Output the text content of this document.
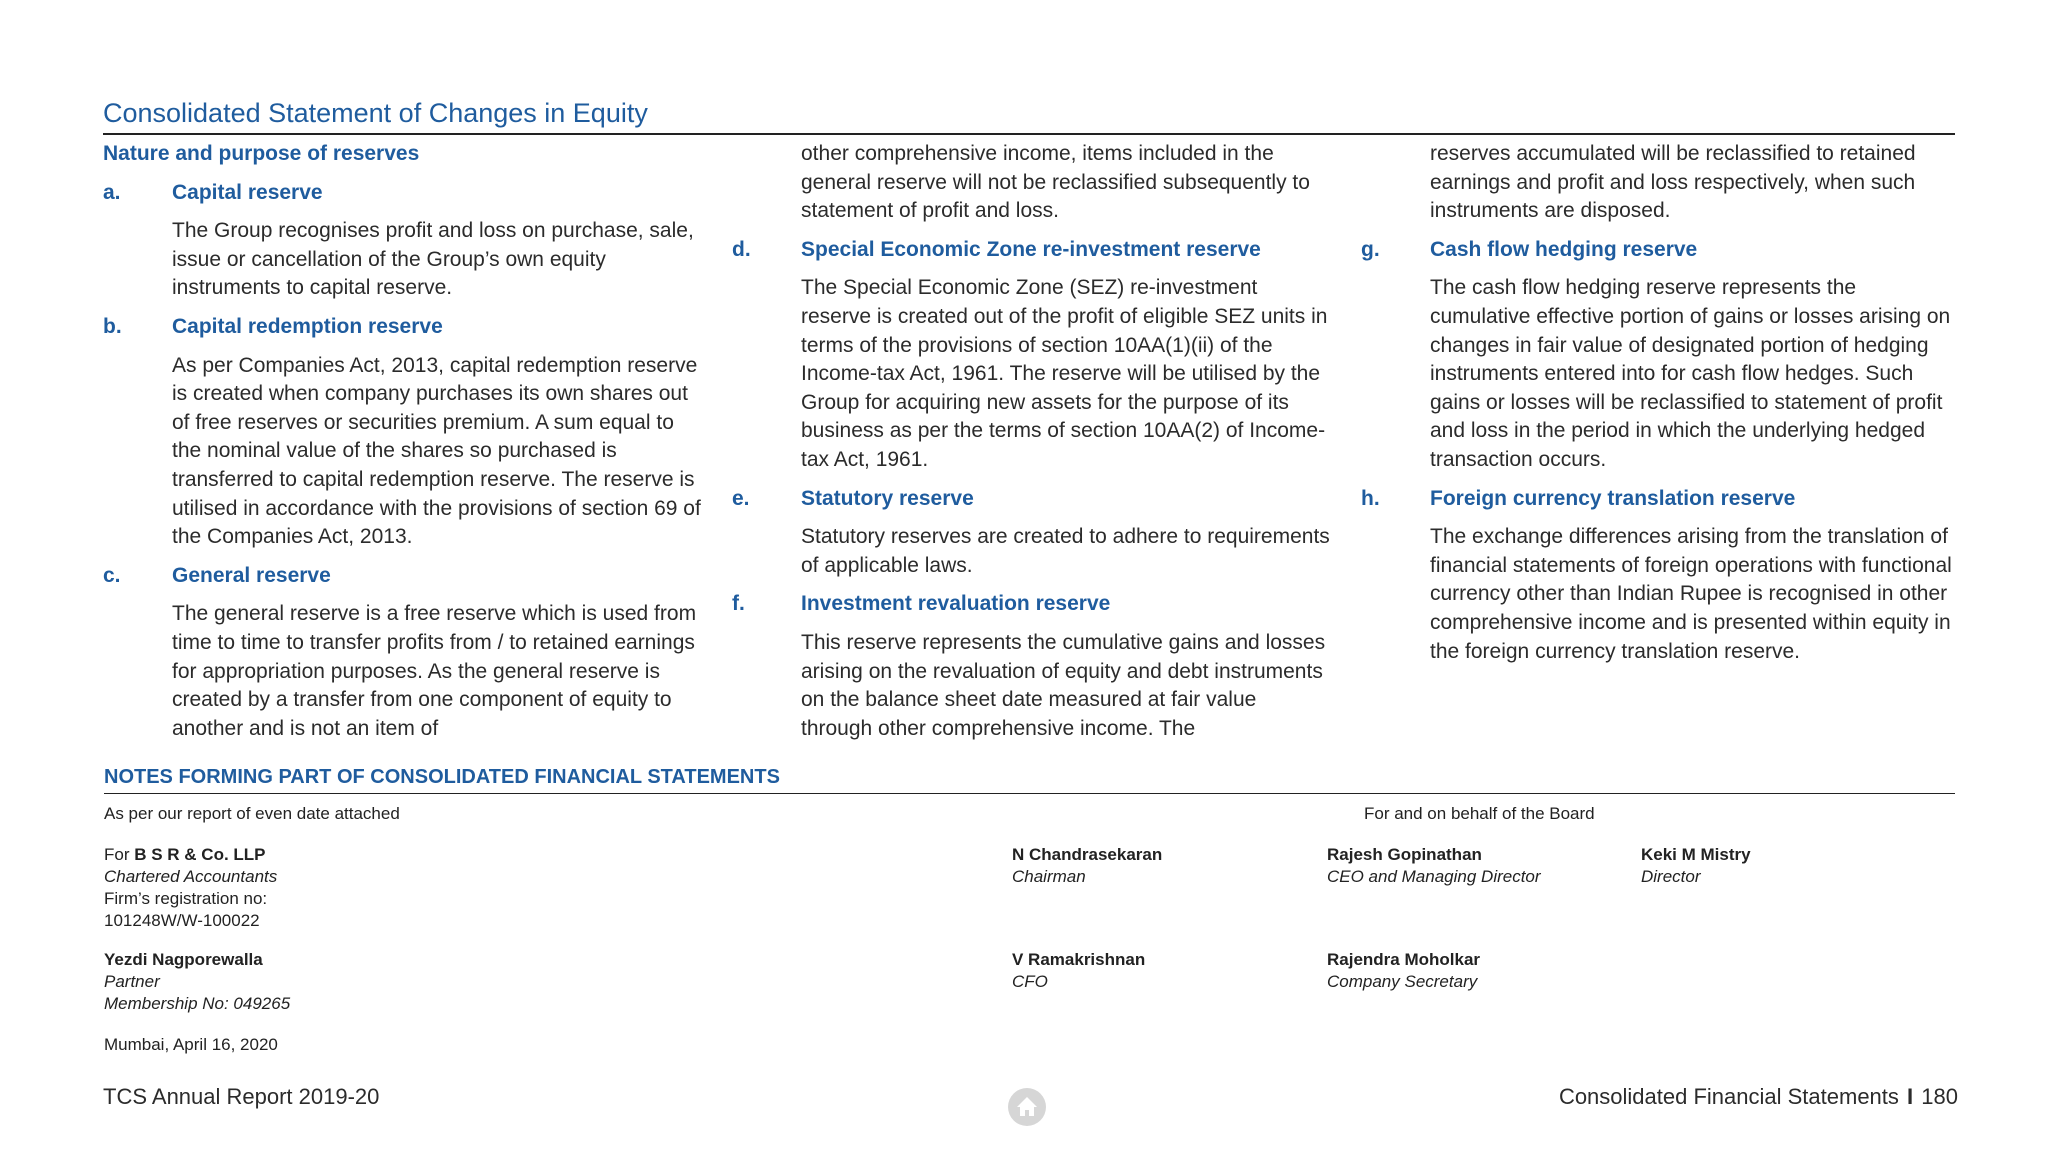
Consolidated Statement of Changes in Equity

Nature and purpose of reserves

a. Capital reserve

The Group recognises profit and loss on purchase, sale, issue or cancellation of the Group’s own equity instruments to capital reserve.

b. Capital redemption reserve

As per Companies Act, 2013, capital redemption reserve is created when company purchases its own shares out of free reserves or securities premium. A sum equal to the nominal value of the shares so purchased is transferred to capital redemption reserve. The reserve is utilised in accordance with the provisions of section 69 of the Companies Act, 2013.

c. General reserve

The general reserve is a free reserve which is used from time to time to transfer profits from / to retained earnings for appropriation purposes. As the general reserve is created by a transfer from one component of equity to another and is not an item of

other comprehensive income, items included in the general reserve will not be reclassified subsequently to statement of profit and loss.

d. Special Economic Zone re-investment reserve

The Special Economic Zone (SEZ) re-investment reserve is created out of the profit of eligible SEZ units in terms of the provisions of section 10AA(1)(ii) of the Income-tax Act, 1961. The reserve will be utilised by the Group for acquiring new assets for the purpose of its business as per the terms of section 10AA(2) of Income-tax Act, 1961.

e. Statutory reserve

Statutory reserves are created to adhere to requirements of applicable laws.

f.	Investment revaluation reserve

This reserve represents the cumulative gains and losses arising on the revaluation of equity and debt instruments on the balance sheet date measured at fair value through other comprehensive income. The

reserves accumulated will be reclassified to retained earnings and profit and loss respectively, when such instruments are disposed.

g. Cash flow hedging reserve

The cash flow hedging reserve represents the cumulative effective portion of gains or losses arising on changes in fair value of designated portion of hedging instruments entered into for cash flow hedges. Such gains or losses will be reclassified to statement of profit and loss in the period in which the underlying hedged transaction occurs.

h. Foreign currency translation reserve

The exchange differences arising from the translation of financial statements of foreign operations with functional currency other than Indian Rupee is recognised in other comprehensive income and is presented within equity in the foreign currency translation reserve.

NOTES FORMING PART OF CONSOLIDATED FINANCIAL STATEMENTS
As per our report of even date attached	For and on behalf of the Board
For B S R & Co. LLP
Chartered Accountants
Firm’s registration no:
101248W/W-100022
Yezdi Nagporewalla
Partner
Membership No: 049265
Mumbai, April 16, 2020
N Chandrasekaran
Chairman
Rajesh Gopinathan
CEO and Managing Director
Keki M Mistry
Director
V Ramakrishnan
CFO
Rajendra Moholkar
Company Secretary
TCS Annual Report 2019-20	Consolidated Financial Statements I 180
